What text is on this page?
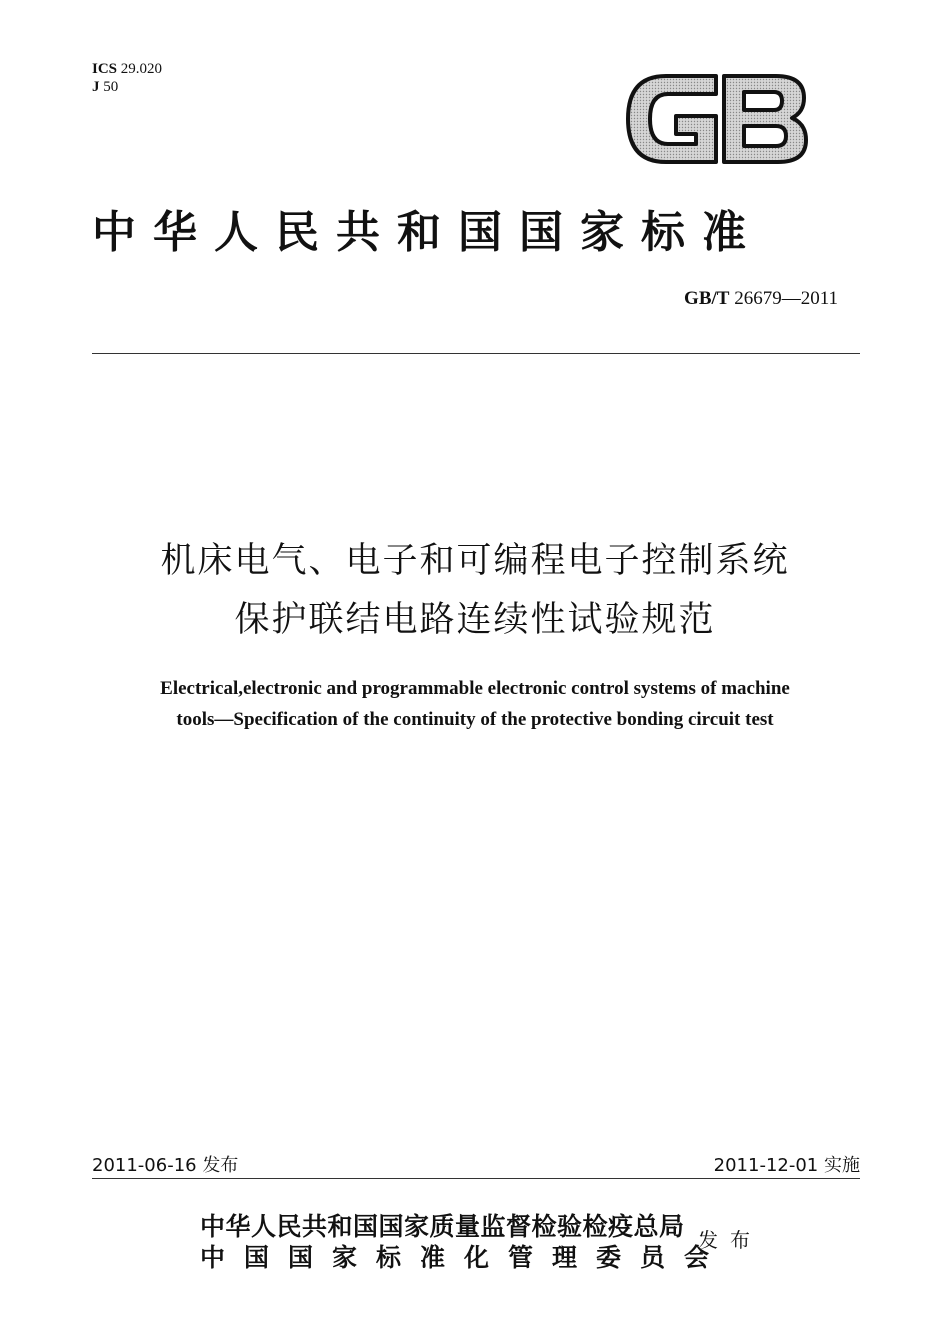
ICS 29.020
J 50
中华人民共和国国家标准
GB/T 26679—2011
机床电气、电子和可编程电子控制系统
保护联结电路连续性试验规范
Electrical,electronic and programmable electronic control systems of machine
tools—Specification of the continuity of the protective bonding circuit test
2011-06-16 发布	2011-12-01 实施
中华人民共和国国家质量监督检验检疫总局
中国国家标准化管理委员会
发布
